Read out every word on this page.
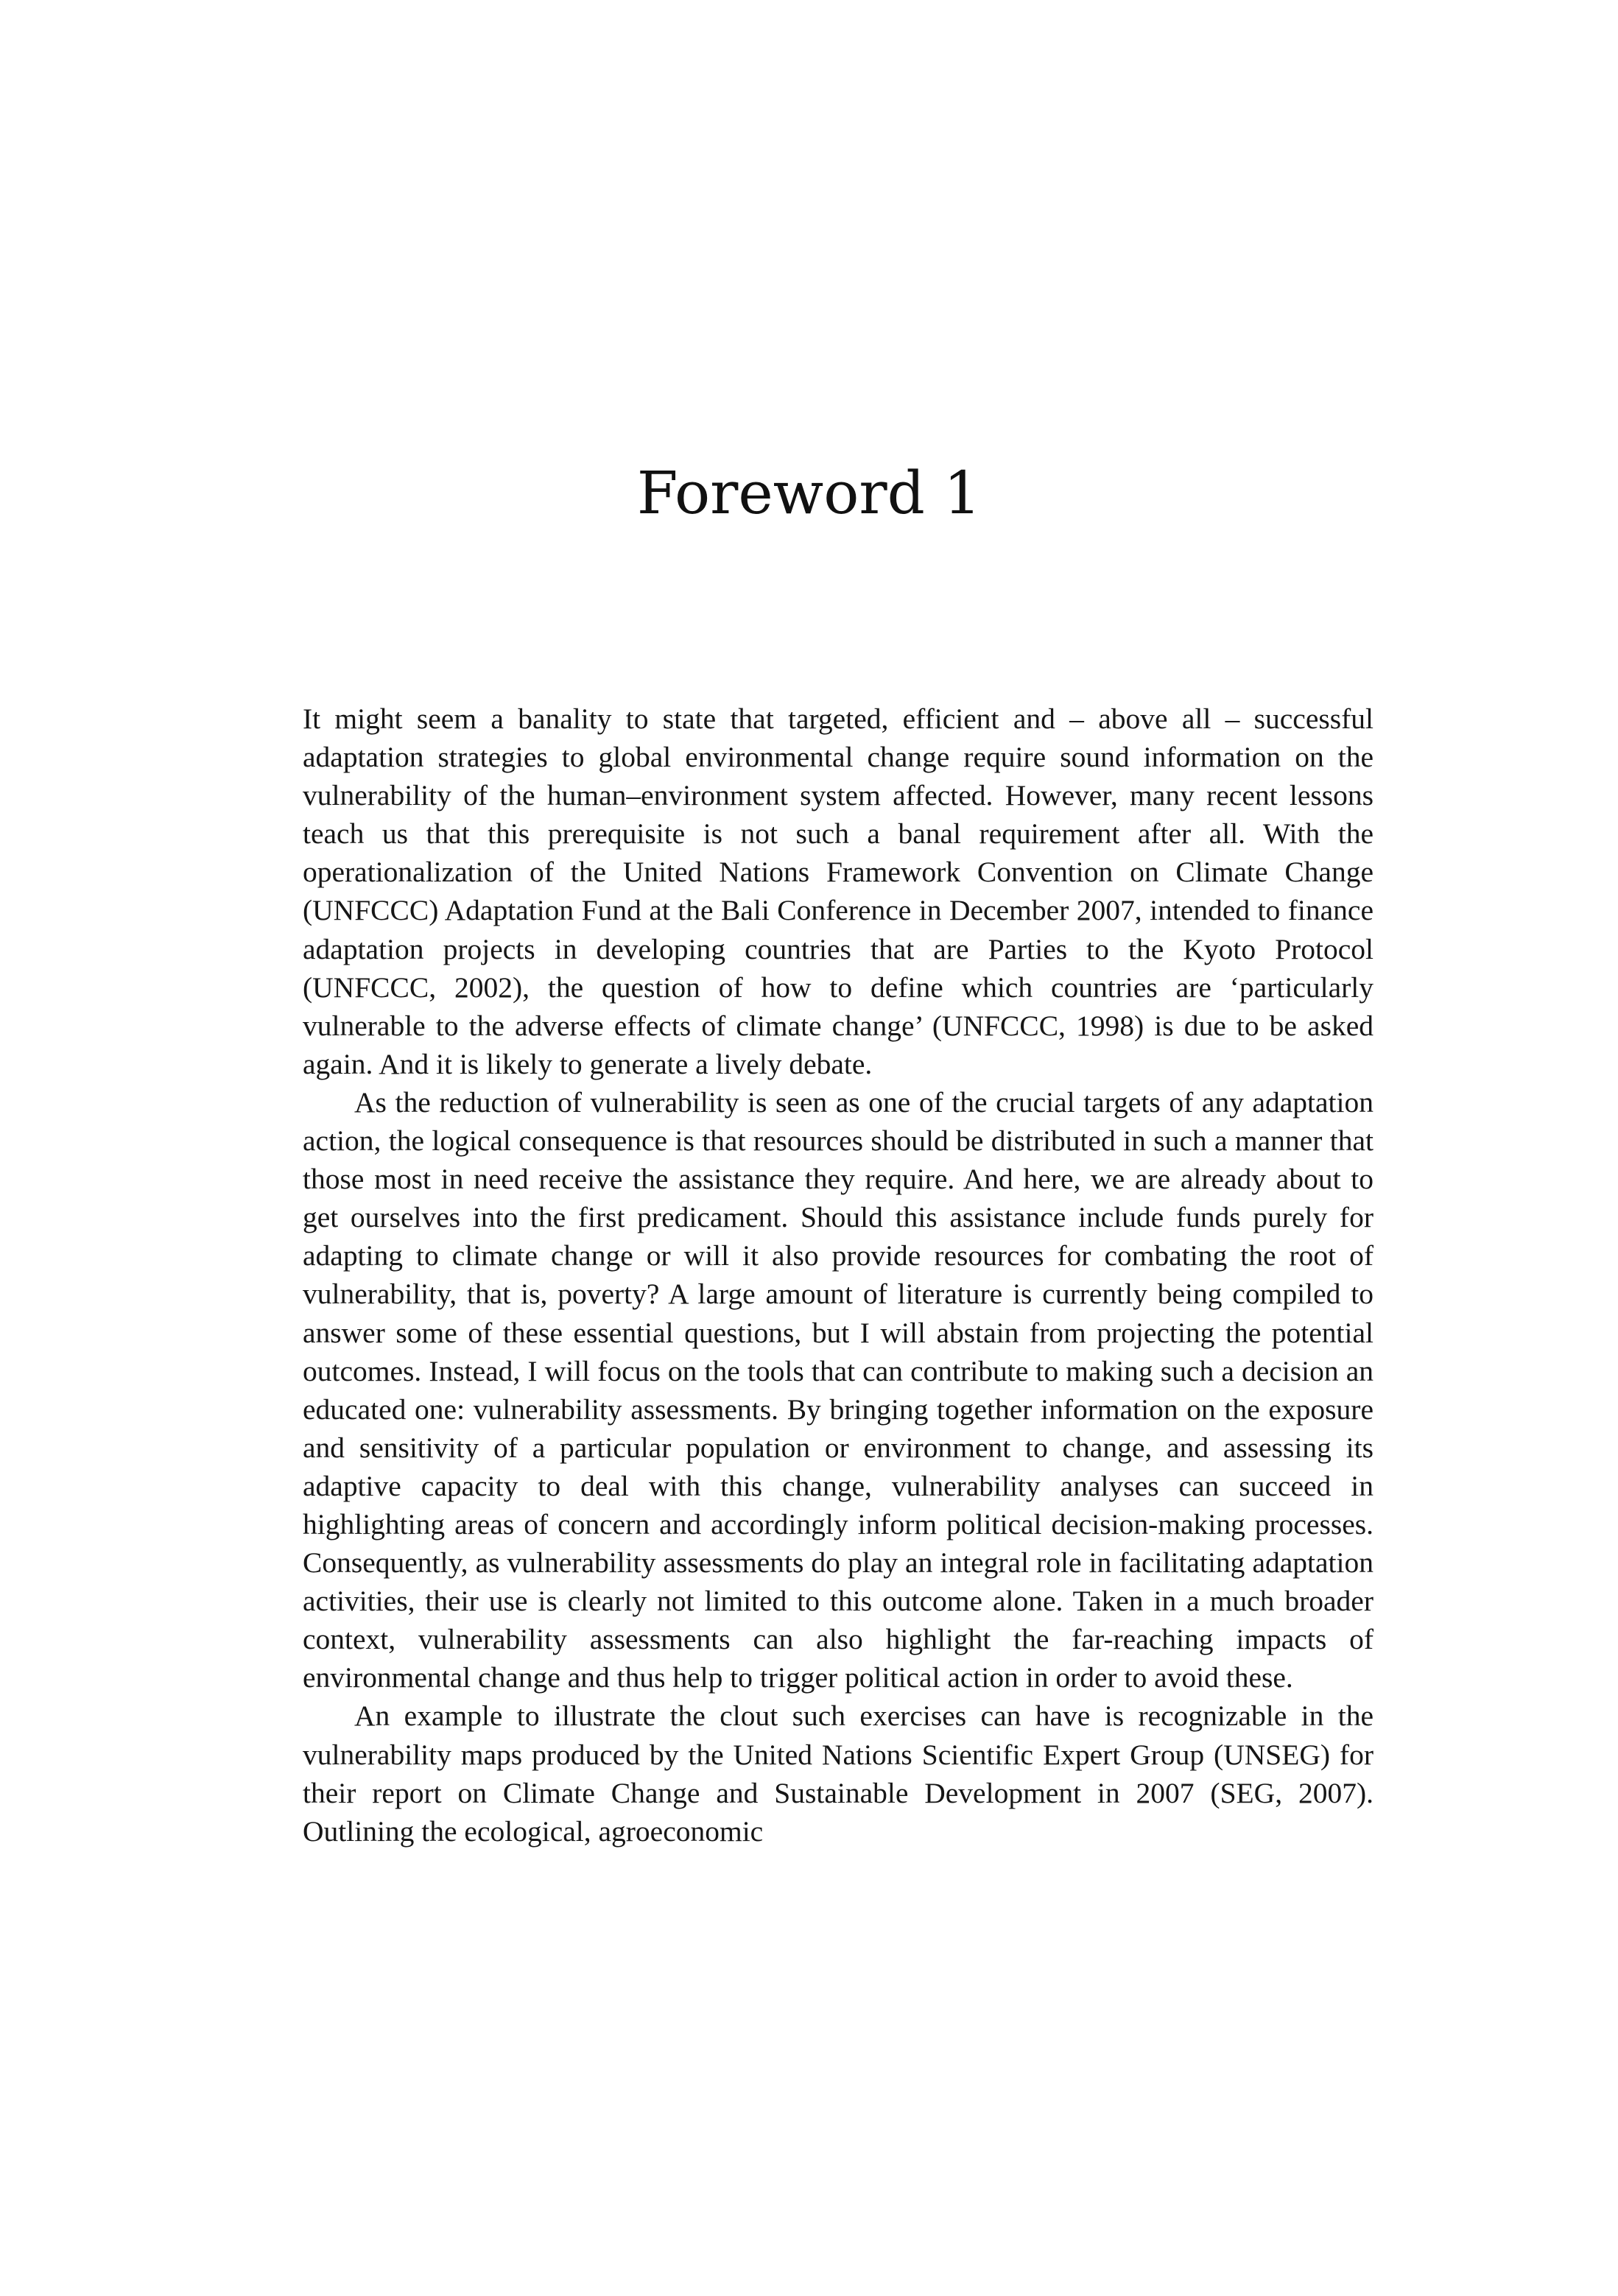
Foreword 1

It might seem a banality to state that targeted, efficient and – above all – successful adaptation strategies to global environmental change require sound information on the vulnerability of the human–environment system affected. However, many recent lessons teach us that this prerequisite is not such a banal requirement after all. With the operationalization of the United Nations Framework Convention on Climate Change (UNFCCC) Adaptation Fund at the Bali Conference in December 2007, intended to finance adaptation projects in developing countries that are Parties to the Kyoto Protocol (UNFCCC, 2002), the question of how to define which countries are ‘particularly vulnerable to the adverse effects of climate change’ (UNFCCC, 1998) is due to be asked again. And it is likely to generate a lively debate.

As the reduction of vulnerability is seen as one of the crucial targets of any adaptation action, the logical consequence is that resources should be distributed in such a manner that those most in need receive the assistance they require. And here, we are already about to get ourselves into the first predicament. Should this assistance include funds purely for adapting to climate change or will it also provide resources for combating the root of vulnerability, that is, poverty? A large amount of literature is currently being compiled to answer some of these essential questions, but I will abstain from projecting the potential outcomes. Instead, I will focus on the tools that can contribute to making such a decision an educated one: vulnerability assessments. By bringing together information on the exposure and sensitivity of a particular population or environment to change, and assessing its adaptive capacity to deal with this change, vulnerability analyses can succeed in highlighting areas of concern and accordingly inform political decision-making processes. Consequently, as vulnerability assessments do play an integral role in facilitating adaptation activities, their use is clearly not limited to this outcome alone. Taken in a much broader context, vulnerability assessments can also highlight the far-reaching impacts of environmental change and thus help to trigger political action in order to avoid these.

An example to illustrate the clout such exercises can have is recognizable in the vulnerability maps produced by the United Nations Scientific Expert Group (UNSEG) for their report on Climate Change and Sustainable Development in 2007 (SEG, 2007). Outlining the ecological, agroeconomic
